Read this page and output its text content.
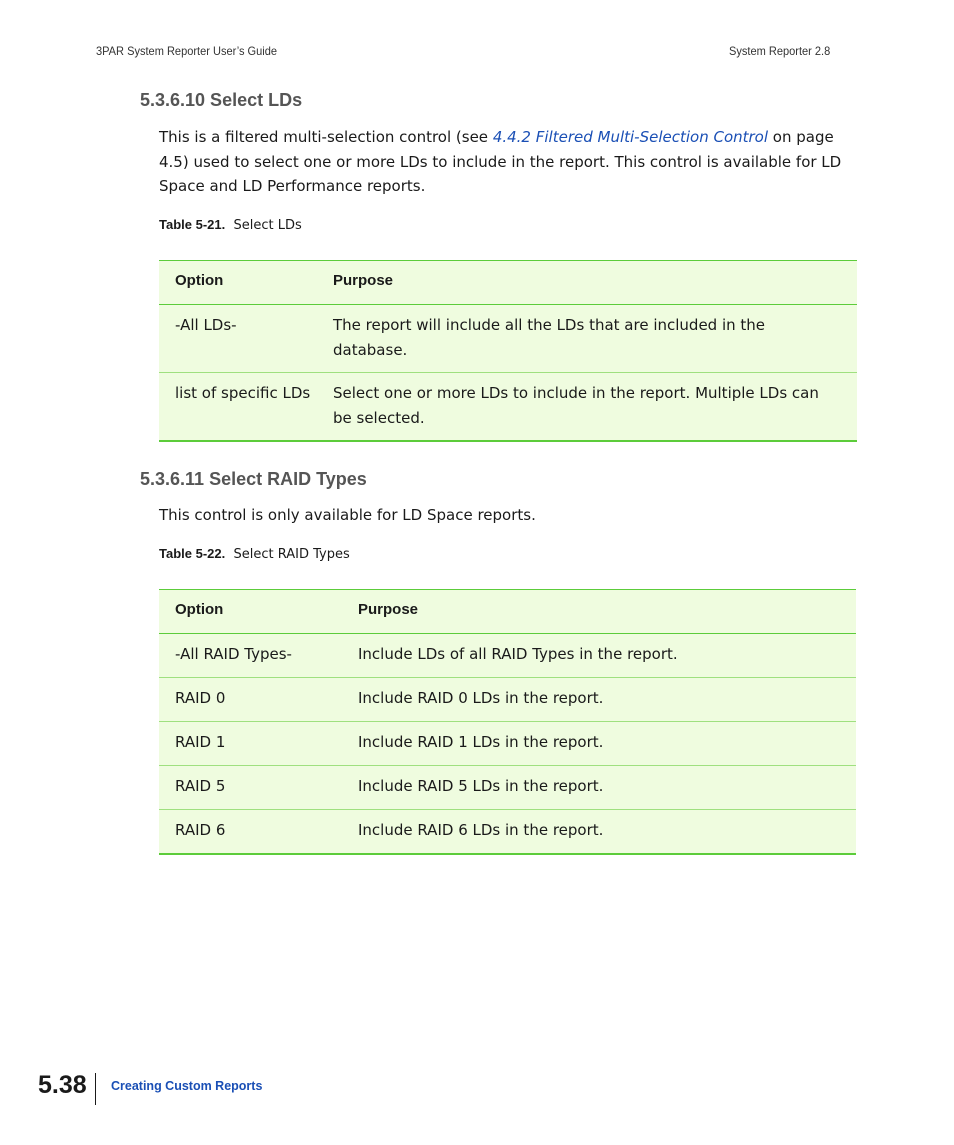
3PAR System Reporter User’s Guide	System Reporter 2.8
5.3.6.10 Select LDs
This is a filtered multi-selection control (see 4.4.2 Filtered Multi-Selection Control on page 4.5) used to select one or more LDs to include in the report. This control is available for LD Space and LD Performance reports.
Table 5-21. Select LDs
Option	Purpose
-All LDs-	The report will include all the LDs that are included in the database.
list of specific LDs	Select one or more LDs to include in the report. Multiple LDs can be selected.
5.3.6.11 Select RAID Types
This control is only available for LD Space reports.
Table 5-22. Select RAID Types
Option	Purpose
-All RAID Types-	Include LDs of all RAID Types in the report.
RAID 0	Include RAID 0 LDs in the report.
RAID 1	Include RAID 1 LDs in the report.
RAID 5	Include RAID 5 LDs in the report.
RAID 6	Include RAID 6 LDs in the report.
5.38 Creating Custom Reports
